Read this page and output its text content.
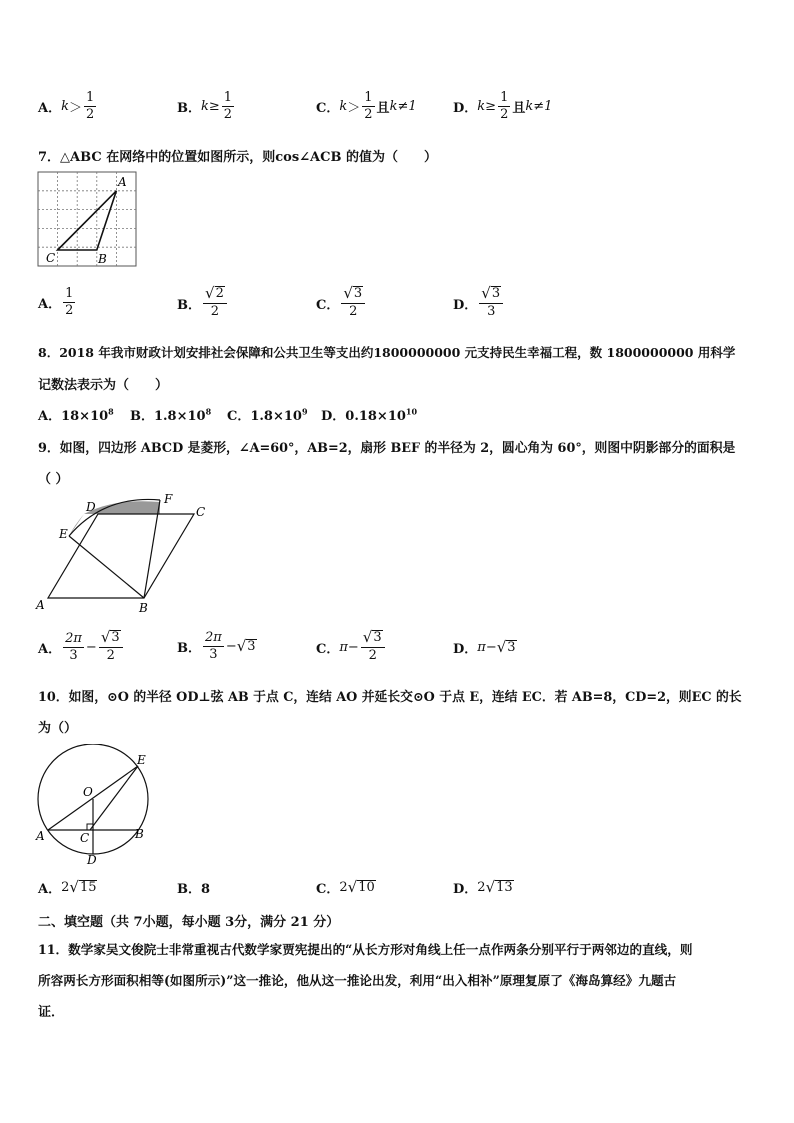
A． $k > \frac{1}{2}$	B． $k \ge \frac{1}{2}$	C． $k > \frac{1}{2}$ 且 k≠1	D． $k \ge \frac{1}{2}$ 且 k≠1
7．△ABC 在网络中的位置如图所示，则cos∠ACB 的值为（　　）
A
C	B
A． $\frac{1}{2}$	B． $\frac{√ 2}{2}$	C． $\frac{√ 3}{2}$	D． $\frac{√ 3}{3}$
8．2018 年我市财政计划安排社会保障和公共卫生等支出约1800000000 元支持民生幸福工程，数 1800000000 用科学
记数法表示为（　　）
A．$18\times 10^8$ B．$1.8\times 10^8$ C．$1.8\times 10^9$ D．$0.18\times 10^{10}$
9．如图，四边形 ABCD 是菱形，∠A=60°，AB=2，扇形 BEF 的半径为 2，圆心角为 60°，则图中阴影部分的面积是
（ ）
A	B
C
D
E
F
A． $\frac{2\pi}{3} - \frac{√ 3}{2}$	B． $\frac{2\pi}{3}$ − √ 3	C． $\pi- \frac{√ 3}{2}$	D． π− √ 3
10．如图，⊙O 的半径 OD⊥弦 AB 于点 C，连结 AO 并延长交⊙O 于点 E，连结 EC．若 AB=8，CD=2，则EC 的长
为（）
A	B
C
D
E
O
A． 2 √ 15	B．8	C． 2 √ 10	D． 2 √ 13
二、填空题（共 7小题，每小题 3分，满分 21 分）
11．数学家吴文俊院士非常重视古代数学家贾宪提出的“从长方形对角线上任一点作两条分别平行于两邻边的直线，则
所容两长方形面积相等(如图所示)”这一推论，他从这一推论出发，利用“出入相补”原理复原了《海岛算经》九题古
证．
